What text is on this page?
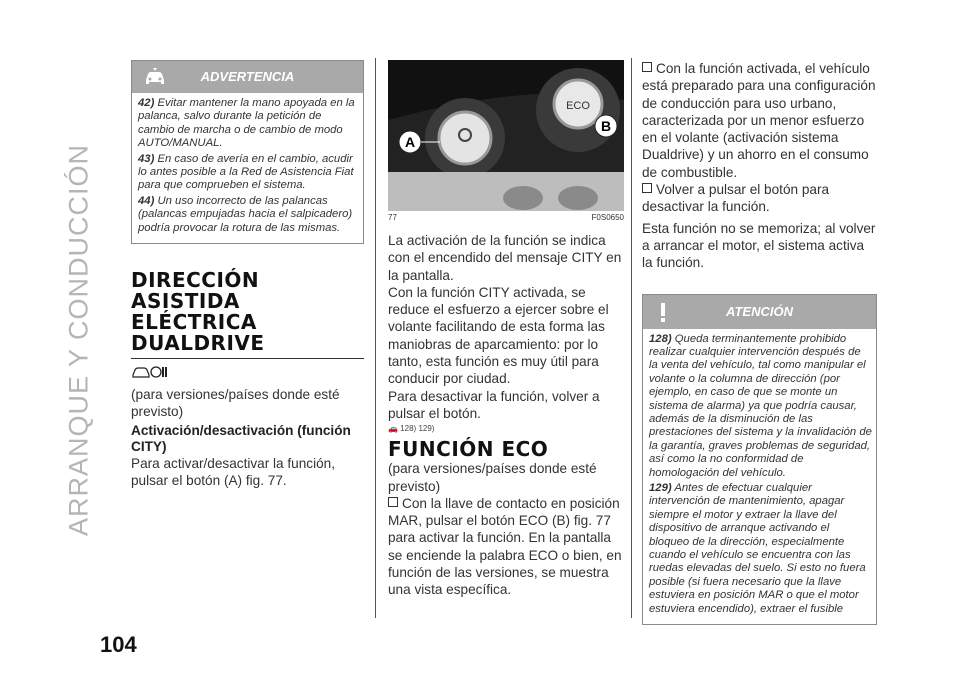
ARRANQUE Y CONDUCCIÓN
104
ADVERTENCIA

42) Evitar mantener la mano apoyada en la palanca, salvo durante la petición de cambio de marcha o de cambio de modo AUTO/MANUAL.

43) En caso de avería en el cambio, acudir lo antes posible a la Red de Asistencia Fiat para que comprueben el sistema.

44) Un uso incorrecto de las palancas (palancas empujadas hacia el salpicadero) podría provocar la rotura de las mismas.

DIRECCIÓN
ASISTIDA
ELÉCTRICA
DUALDRIVE

(para versiones/países donde esté previsto)

Activación/desactivación (función CITY)

Para activar/desactivar la función, pulsar el botón (A) fig. 77.

ECO
A
B
77	F0S0650

La activación de la función se indica con el encendido del mensaje CITY en la pantalla.

Con la función CITY activada, se reduce el esfuerzo a ejercer sobre el volante facilitando de esta forma las maniobras de aparcamiento: por lo tanto, esta función es muy útil para conducir por ciudad.

Para desactivar la función, volver a pulsar el botón.

🚗 128) 129)

FUNCIÓN ECO

(para versiones/países donde esté previsto)

Con la llave de contacto en posición MAR, pulsar el botón ECO (B) fig. 77 para activar la función. En la pantalla se enciende la palabra ECO o bien, en función de las versiones, se muestra una vista específica.

Con la función activada, el vehículo está preparado para una configuración de conducción para uso urbano, caracterizada por un menor esfuerzo en el volante (activación sistema Dualdrive) y un ahorro en el consumo de combustible.

Volver a pulsar el botón para desactivar la función.

Esta función no se memoriza; al volver a arrancar el motor, el sistema activa la función.

ATENCIÓN

128) Queda terminantemente prohibido realizar cualquier intervención después de la venta del vehículo, tal como manipular el volante o la columna de dirección (por ejemplo, en caso de que se monte un sistema de alarma) ya que podría causar, además de la disminución de las prestaciones del sistema y la invalidación de la garantía, graves problemas de seguridad, así como la no conformidad de homologación del vehículo.

129) Antes de efectuar cualquier intervención de mantenimiento, apagar siempre el motor y extraer la llave del dispositivo de arranque activando el bloqueo de la dirección, especialmente cuando el vehículo se encuentra con las ruedas elevadas del suelo. Si esto no fuera posible (si fuera necesario que la llave estuviera en posición MAR o que el motor estuviera encendido), extraer el fusible
